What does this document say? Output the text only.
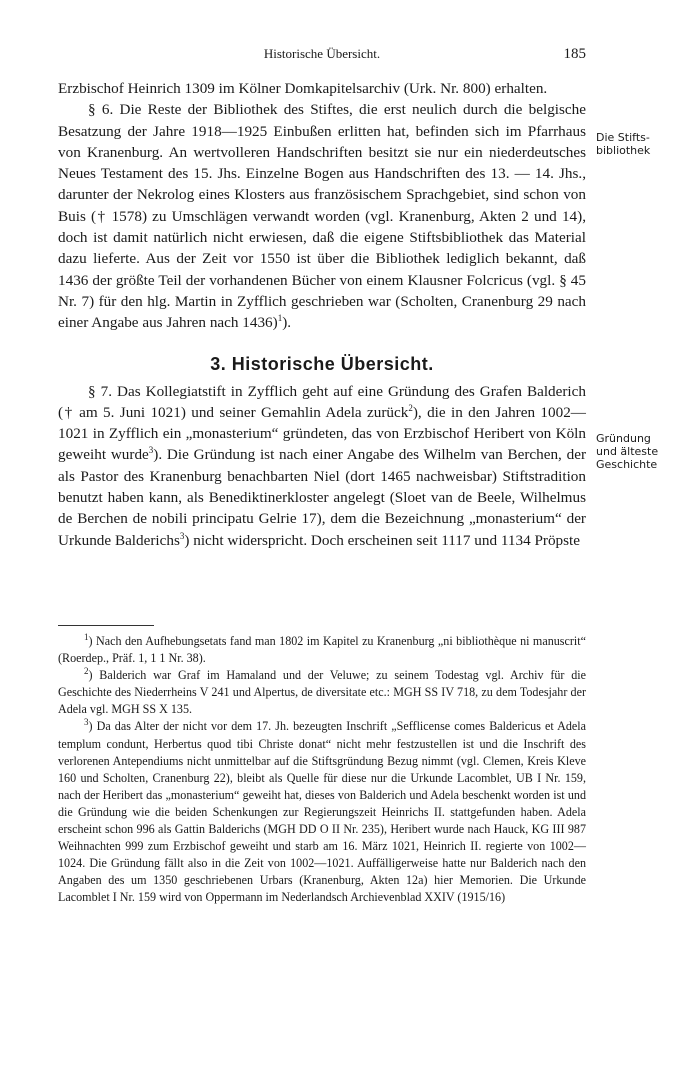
Historische Übersicht.	185
Die Stifts-
bibliothek
Gründung
und älteste
Geschichte

Erzbischof Heinrich 1309 im Kölner Domkapitelsarchiv (Urk. Nr. 800) erhalten.

§ 6. Die Reste der Bibliothek des Stiftes, die erst neulich durch die belgische Besatzung der Jahre 1918—1925 Einbußen erlitten hat, befinden sich im Pfarrhaus von Kranenburg. An wertvolleren Handschriften besitzt sie nur ein niederdeutsches Neues Testament des 15. Jhs. Einzelne Bogen aus Handschriften des 13. — 14. Jhs., darunter der Nekrolog eines Klosters aus französischem Sprachgebiet, sind schon von Buis († 1578) zu Umschlägen verwandt worden (vgl. Kranenburg, Akten 2 und 14), doch ist damit natürlich nicht erwiesen, daß die eigene Stiftsbibliothek das Material dazu lieferte. Aus der Zeit vor 1550 ist über die Bibliothek lediglich bekannt, daß 1436 der größte Teil der vorhandenen Bücher von einem Klausner Folcricus (vgl. § 45 Nr. 7) für den hlg. Martin in Zyfflich geschrieben war (Scholten, Cranenburg 29 nach einer Angabe aus Jahren nach 1436)$^1$).

3. Historische Übersicht.

§ 7. Das Kollegiatstift in Zyfflich geht auf eine Gründung des Grafen Balderich († am 5. Juni 1021) und seiner Gemahlin Adela zurück$^2$), die in den Jahren 1002—1021 in Zyfflich ein „monasterium“ gründeten, das von Erzbischof Heribert von Köln geweiht wurde$^3$). Die Gründung ist nach einer Angabe des Wilhelm van Berchen, der als Pastor des Kranenburg benachbarten Niel (dort 1465 nachweisbar) Stiftstradition benutzt haben kann, als Benediktinerkloster angelegt (Sloet van de Beele, Wilhelmus de Berchen de nobili principatu Gelrie 17), dem die Bezeichnung „monasterium“ der Urkunde Balderichs$^3$) nicht widerspricht. Doch erscheinen seit 1117 und 1134 Pröpste

$^1$) Nach den Aufhebungsetats fand man 1802 im Kapitel zu Kranenburg „ni bibliothèque ni manuscrit“ (Roerdep., Präf. 1, 1 1 Nr. 38).

$^2$) Balderich war Graf im Hamaland und der Veluwe; zu seinem Todestag vgl. Archiv für die Geschichte des Niederrheins V 241 und Alpertus, de diversitate etc.: MGH SS IV 718, zu dem Todesjahr der Adela vgl. MGH SS X 135.

$^3$) Da das Alter der nicht vor dem 17. Jh. bezeugten Inschrift „Sefflicense comes Baldericus et Adela templum condunt, Herbertus quod tibi Christe donat“ nicht mehr festzustellen ist und die Inschrift des verlorenen Antependiums nicht unmittelbar auf die Stiftsgründung Bezug nimmt (vgl. Clemen, Kreis Kleve 160 und Scholten, Cranenburg 22), bleibt als Quelle für diese nur die Urkunde Lacomblet, UB I Nr. 159, nach der Heribert das „monasterium“ geweiht hat, dieses von Balderich und Adela beschenkt worden ist und die Gründung wie die beiden Schenkungen zur Regierungszeit Heinrichs II. stattgefunden haben. Adela erscheint schon 996 als Gattin Balderichs (MGH DD O II Nr. 235), Heribert wurde nach Hauck, KG III 987 Weihnachten 999 zum Erzbischof geweiht und starb am 16. März 1021, Heinrich II. regierte von 1002—1024. Die Gründung fällt also in die Zeit von 1002—1021. Auffälligerweise hatte nur Balderich nach den Angaben des um 1350 geschriebenen Urbars (Kranenburg, Akten 12a) hier Memorien. Die Urkunde Lacomblet I Nr. 159 wird von Oppermann im Nederlandsch Archievenblad XXIV (1915/16)
